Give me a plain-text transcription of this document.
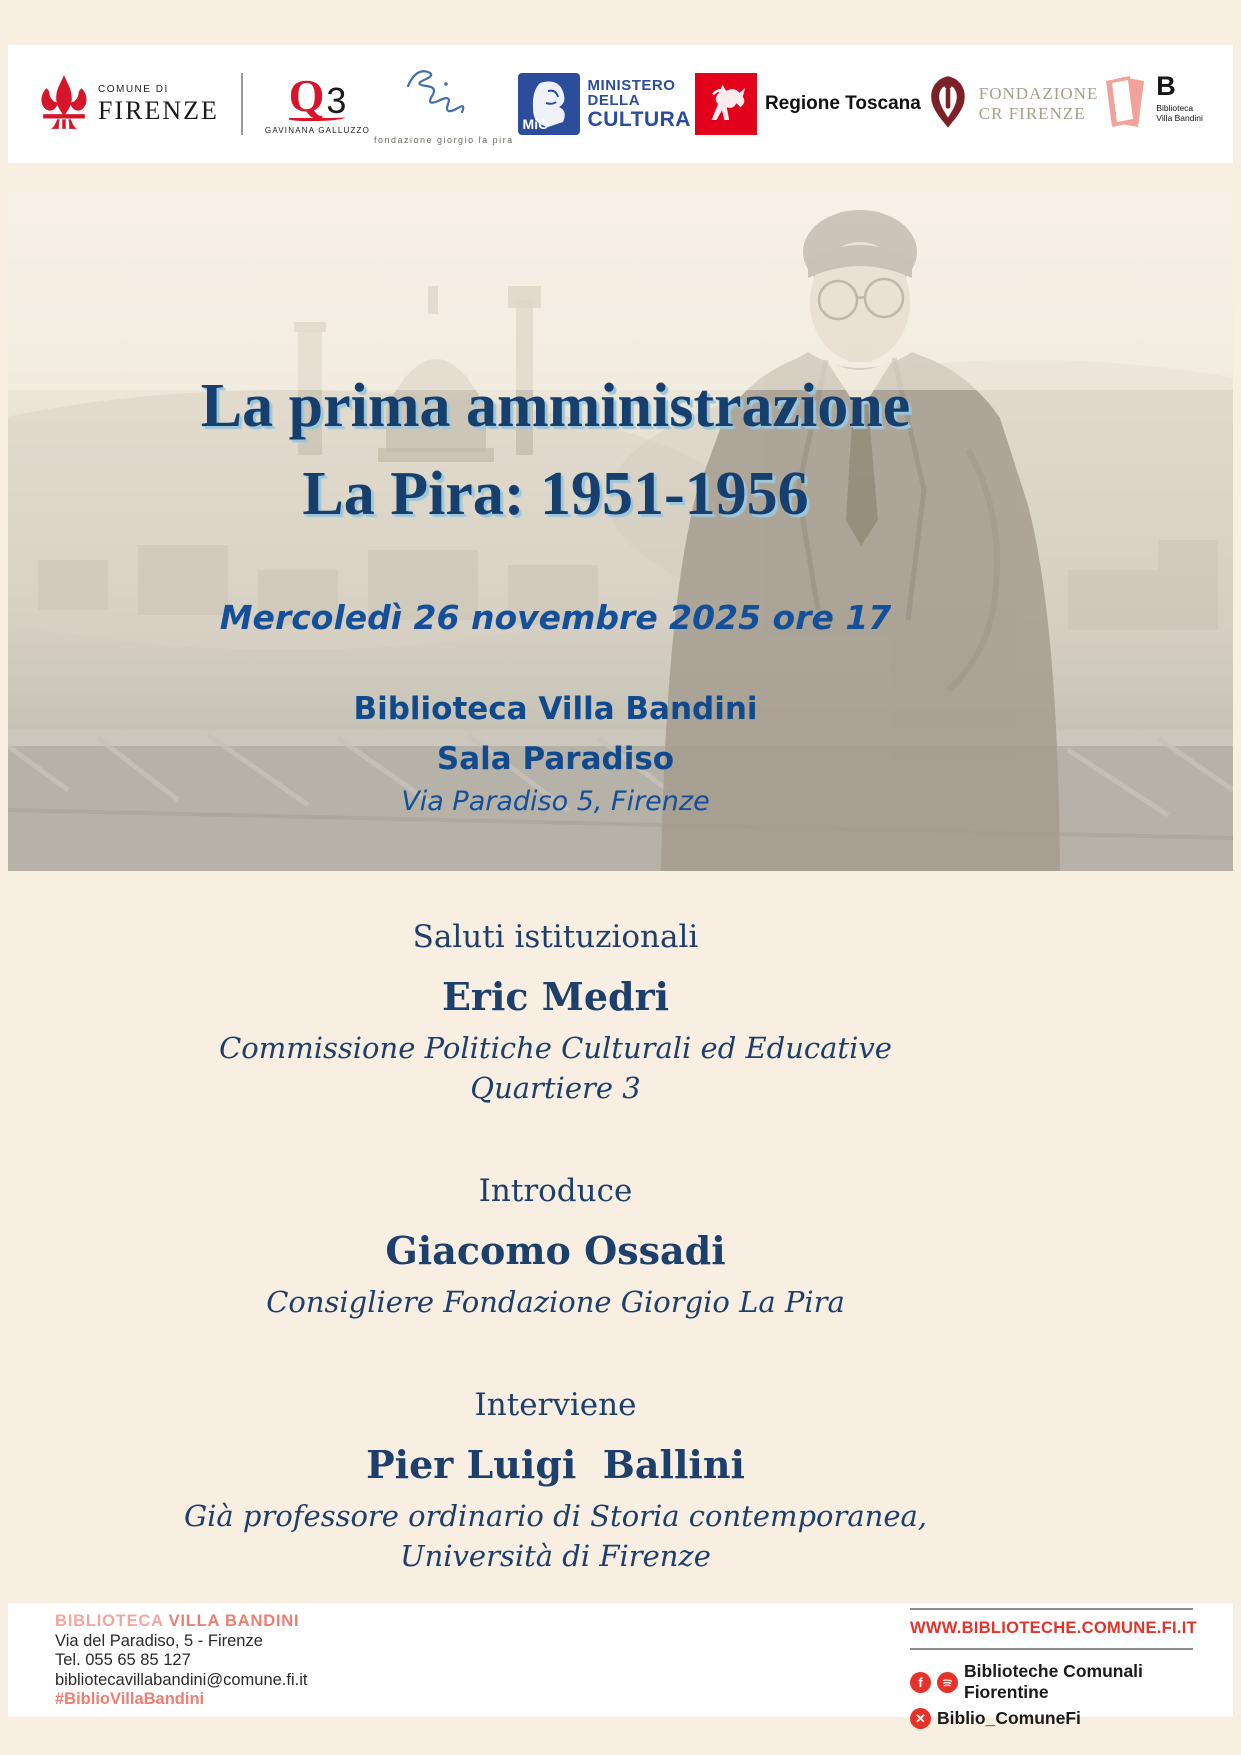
COMUNE DI
FIRENZE Q 3
GAVINANA GALLUZZO
fondazione giorgio la pira
MiC
MINISTERO
DELLA
CULTURA
Regione Toscana	FONDAZIONE
CR FIRENZE
B
Biblioteca
Villa Bandini
La prima amministrazione
La Pira: 1951-1956
Mercoledì 26 novembre 2025 ore 17
Biblioteca Villa Bandini
Sala Paradiso
Via Paradiso 5, Firenze
Saluti istituzionali
Eric Medri
Commissione Politiche Culturali ed Educative
Quartiere 3
Introduce
Giacomo Ossadi
Consigliere Fondazione Giorgio La Pira
Interviene
Pier Luigi  Ballini
Già professore ordinario di Storia contemporanea,
Università di Firenze
BIBLIOTECA VILLA BANDINI
Via del Paradiso, 5 - Firenze
Tel. 055 65 85 127
bibliotecavillabandini@comune.fi.it
#BiblioVillaBandini
WWW.BIBLIOTECHE.COMUNE.FI.IT
f
Biblioteche Comunali Fiorentine
✕ Biblio_ComuneFi
